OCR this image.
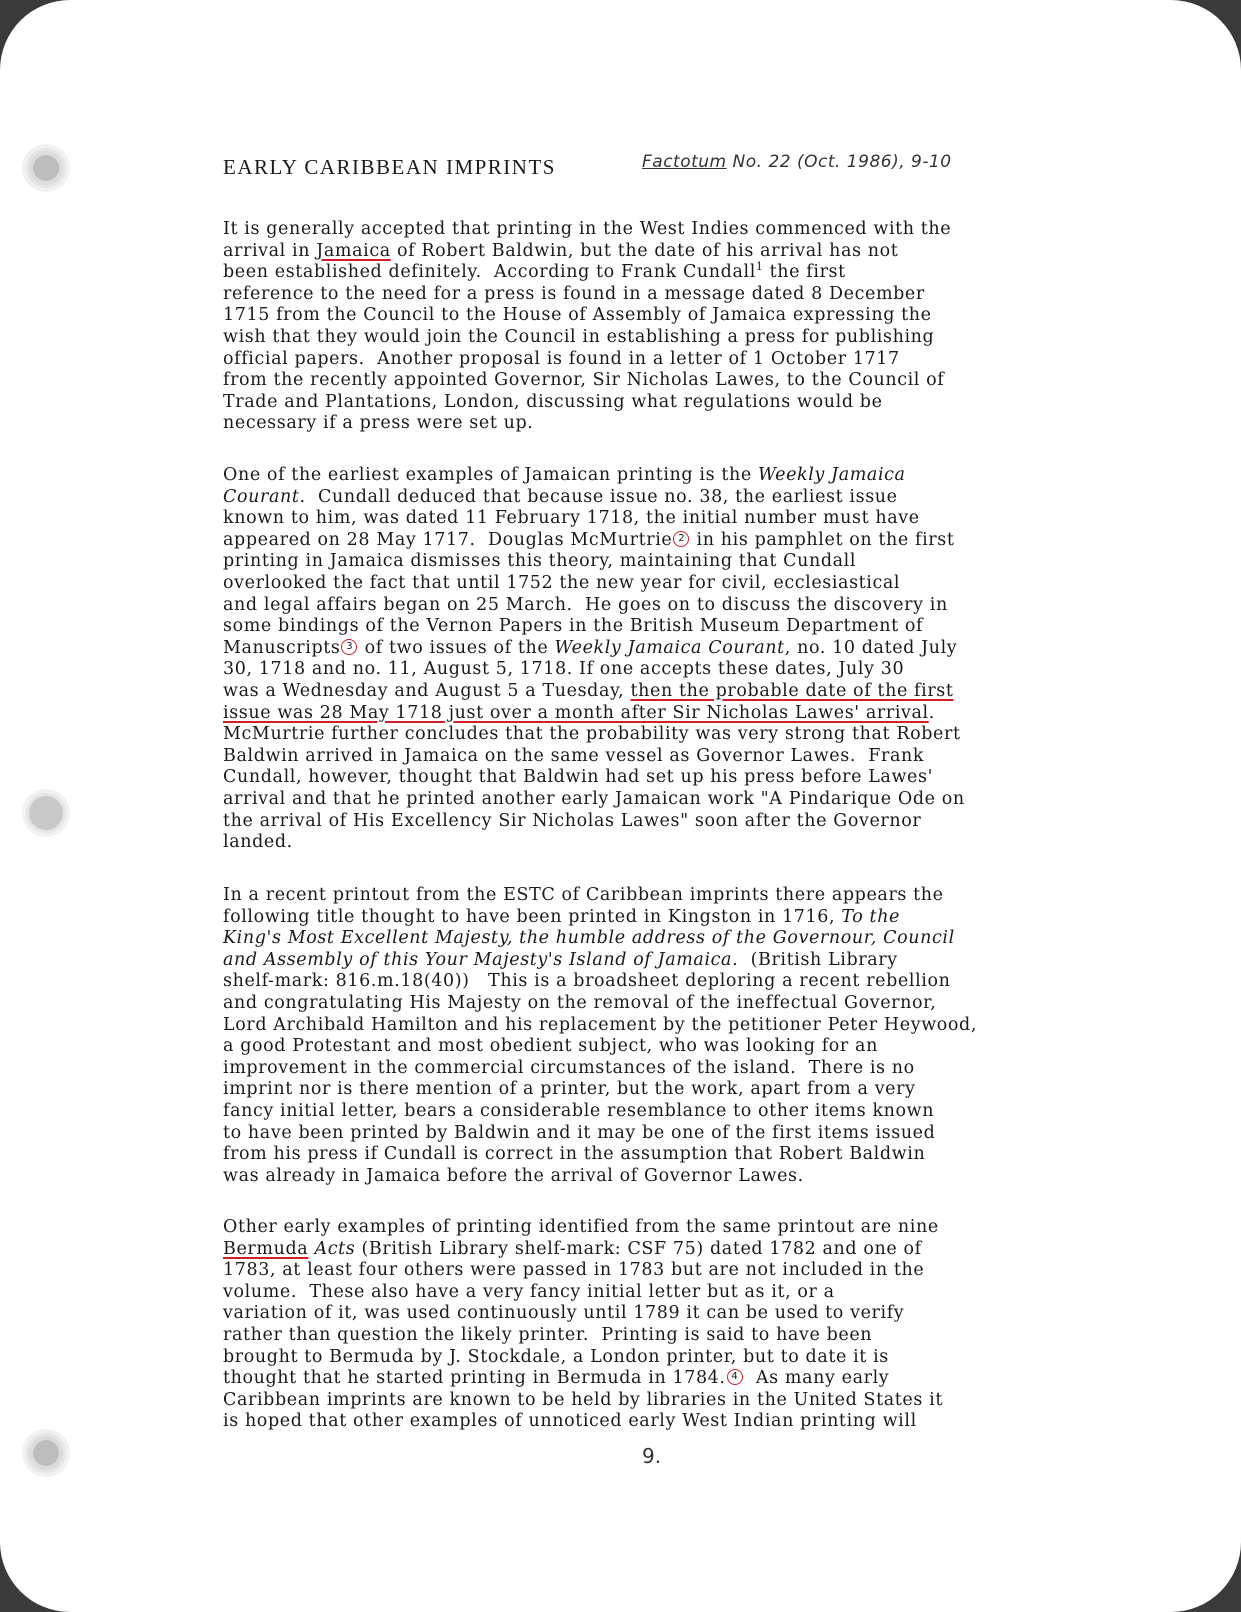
EARLY CARIBBEAN IMPRINTS	Factotum No. 22 (Oct. 1986), 9-10
It is generally accepted that printing in the West Indies commenced with the
arrival in Jamaica of Robert Baldwin, but the date of his arrival has not
been established definitely.  According to Frank Cundall$^1$ the first
reference to the need for a press is found in a message dated 8 December
1715 from the Council to the House of Assembly of Jamaica expressing the
wish that they would join the Council in establishing a press for publishing
official papers.  Another proposal is found in a letter of 1 October 1717
from the recently appointed Governor, Sir Nicholas Lawes, to the Council of
Trade and Plantations, London, discussing what regulations would be
necessary if a press were set up.
One of the earliest examples of Jamaican printing is the Weekly Jamaica
Courant.  Cundall deduced that because issue no. 38, the earliest issue
known to him, was dated 11 February 1718, the initial number must have
appeared on 28 May 1717.  Douglas McMurtrie 2 in his pamphlet on the first
printing in Jamaica dismisses this theory, maintaining that Cundall
overlooked the fact that until 1752 the new year for civil, ecclesiastical
and legal affairs began on 25 March.  He goes on to discuss the discovery in
some bindings of the Vernon Papers in the British Museum Department of
Manuscripts 3 of two issues of the Weekly Jamaica Courant, no. 10 dated July
30, 1718 and no. 11, August 5, 1718. If one accepts these dates, July 30
was a Wednesday and August 5 a Tuesday, then the probable date of the first
issue was 28 May 1718 just over a month after Sir Nicholas Lawes' arrival.
McMurtrie further concludes that the probability was very strong that Robert
Baldwin arrived in Jamaica on the same vessel as Governor Lawes.  Frank
Cundall, however, thought that Baldwin had set up his press before Lawes'
arrival and that he printed another early Jamaican work "A Pindarique Ode on
the arrival of His Excellency Sir Nicholas Lawes" soon after the Governor
landed.
In a recent printout from the ESTC of Caribbean imprints there appears the
following title thought to have been printed in Kingston in 1716, To the
King's Most Excellent Majesty, the humble address of the Governour, Council
and Assembly of this Your Majesty's Island of Jamaica.  (British Library
shelf-mark: 816.m.18(40))   This is a broadsheet deploring a recent rebellion
and congratulating His Majesty on the removal of the ineffectual Governor,
Lord Archibald Hamilton and his replacement by the petitioner Peter Heywood,
a good Protestant and most obedient subject, who was looking for an
improvement in the commercial circumstances of the island.  There is no
imprint nor is there mention of a printer, but the work, apart from a very
fancy initial letter, bears a considerable resemblance to other items known
to have been printed by Baldwin and it may be one of the first items issued
from his press if Cundall is correct in the assumption that Robert Baldwin
was already in Jamaica before the arrival of Governor Lawes.
Other early examples of printing identified from the same printout are nine
Bermuda Acts (British Library shelf-mark: CSF 75) dated 1782 and one of
1783, at least four others were passed in 1783 but are not included in the
volume.  These also have a very fancy initial letter but as it, or a
variation of it, was used continuously until 1789 it can be used to verify
rather than question the likely printer.  Printing is said to have been
brought to Bermuda by J. Stockdale, a London printer, but to date it is
thought that he started printing in Bermuda in 1784. 4  As many early
Caribbean imprints are known to be held by libraries in the United States it
is hoped that other examples of unnoticed early West Indian printing will
9.
